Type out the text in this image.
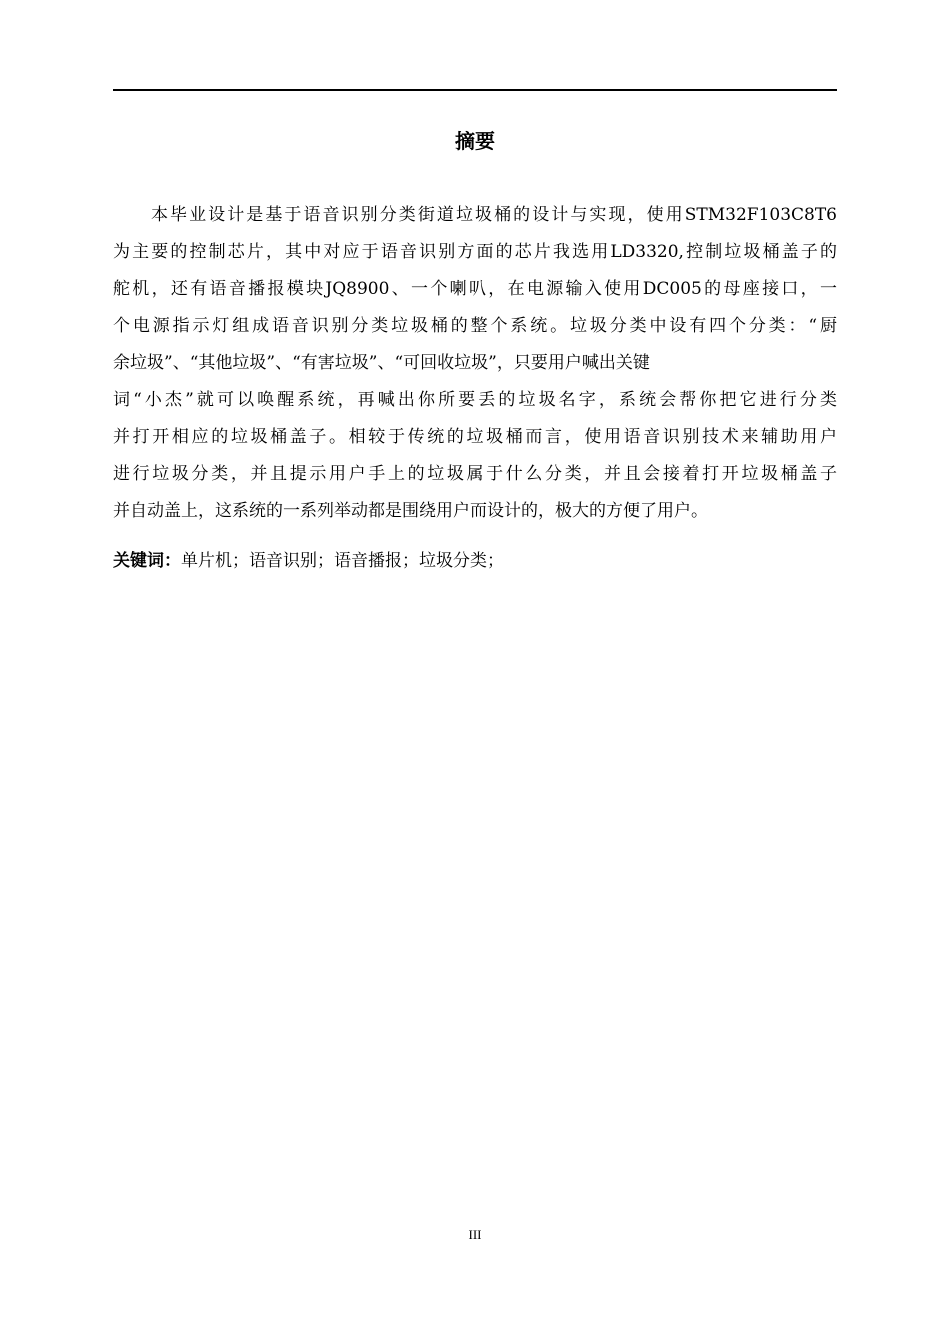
摘要

本毕业设计是基于语音识别分类街道垃圾桶的设计与实现，使用STM32F103C8T6
为主要的控制芯片，其中对应于语音识别方面的芯片我选用LD3320,控制垃圾桶盖子的
舵机，还有语音播报模块JQ8900、一个喇叭，在电源输入使用DC005的母座接口，一
个电源指示灯组成语音识别分类垃圾桶的整个系统。垃圾分类中设有四个分类：“厨
余垃圾”、“其他垃圾”、“有害垃圾”、“可回收垃圾”，只要用户喊出关键
词“小杰”就可以唤醒系统，再喊出你所要丢的垃圾名字，系统会帮你把它进行分类
并打开相应的垃圾桶盖子。相较于传统的垃圾桶而言，使用语音识别技术来辅助用户
进行垃圾分类，并且提示用户手上的垃圾属于什么分类，并且会接着打开垃圾桶盖子
并自动盖上，这系统的一系列举动都是围绕用户而设计的，极大的方便了用户。

关键词：单片机；语音识别；语音播报；垃圾分类；
III
